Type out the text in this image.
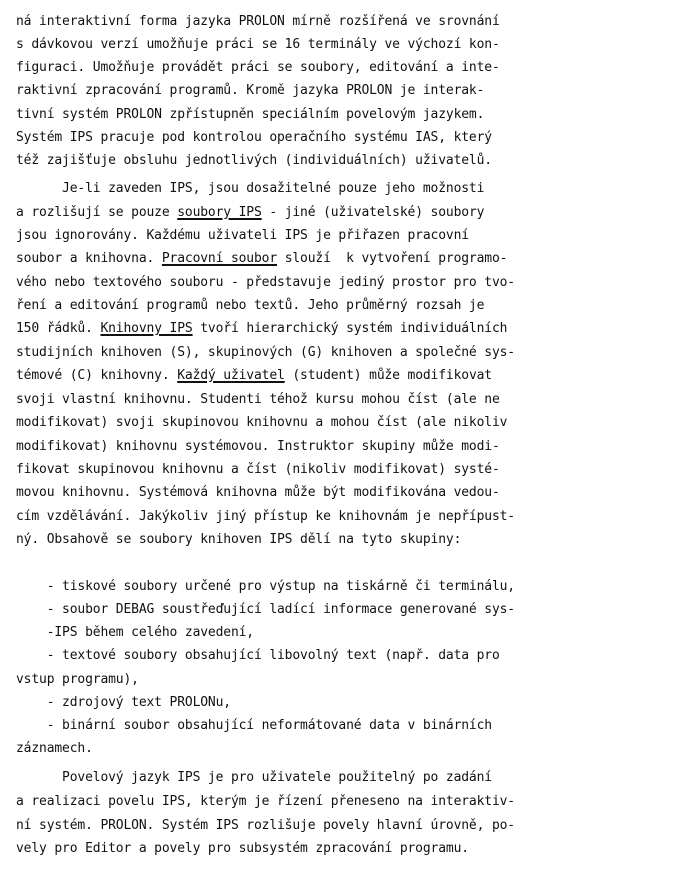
ná interaktivní forma jazyka PROLON mírně rozšířená ve srovnání
s dávkovou verzí umožňuje práci se 16 terminály ve výchozí kon-
figuraci. Umožňuje provádět práci se soubory, editování a inte-
raktivní zpracování programů. Kromě jazyka PROLON je interak-
tivní systém PROLON zpřístupněn speciálním povelovým jazykem.
Systém IPS pracuje pod kontrolou operačního systému IAS, který
též zajišťuje obsluhu jednotlivých (individuálních) uživatelů.
Je-li zaveden IPS, jsou dosažitelné pouze jeho možnosti
a rozlišují se pouze soubory IPS - jiné (uživatelské) soubory
jsou ignorovány. Každému uživateli IPS je přiřazen pracovní
soubor a knihovna. Pracovní soubor slouží  k vytvoření programo-
vého nebo textového souboru - představuje jediný prostor pro tvo-
ření a editování programů nebo textů. Jeho průměrný rozsah je
150 řádků. Knihovny IPS tvoří hierarchický systém individuálních
studijních knihoven (S), skupinových (G) knihoven a společné sys-
témové (C) knihovny. Každý uživatel (student) může modifikovat
svoji vlastní knihovnu. Studenti téhož kursu mohou číst (ale ne
modifikovat) svoji skupinovou knihovnu a mohou číst (ale nikoliv
modifikovat) knihovnu systémovou. Instruktor skupiny může modi-
fikovat skupinovou knihovnu a číst (nikoliv modifikovat) systé-
movou knihovnu. Systémová knihovna může být modifikována vedou-
cím vzdělávání. Jakýkoliv jiný přístup ke knihovnám je nepřípust-
ný. Obsahově se soubory knihoven IPS dělí na tyto skupiny:
- tiskové soubory určené pro výstup na tiskárně či terminálu,
- soubor DEBAG soustřeďující ladící informace generované sys-
-IPS během celého zavedení,
- textové soubory obsahující libovolný text (např. data pro
vstup programu),
- zdrojový text PROLONu,
- binární soubor obsahující neformátované data v binárních
záznamech.
Povelový jazyk IPS je pro uživatele použitelný po zadání
a realizaci povelu IPS, kterým je řízení přeneseno na interaktiv-
ní systém. PROLON. Systém IPS rozlišuje povely hlavní úrovně, po-
vely pro Editor a povely pro subsystém zpracování programu.
